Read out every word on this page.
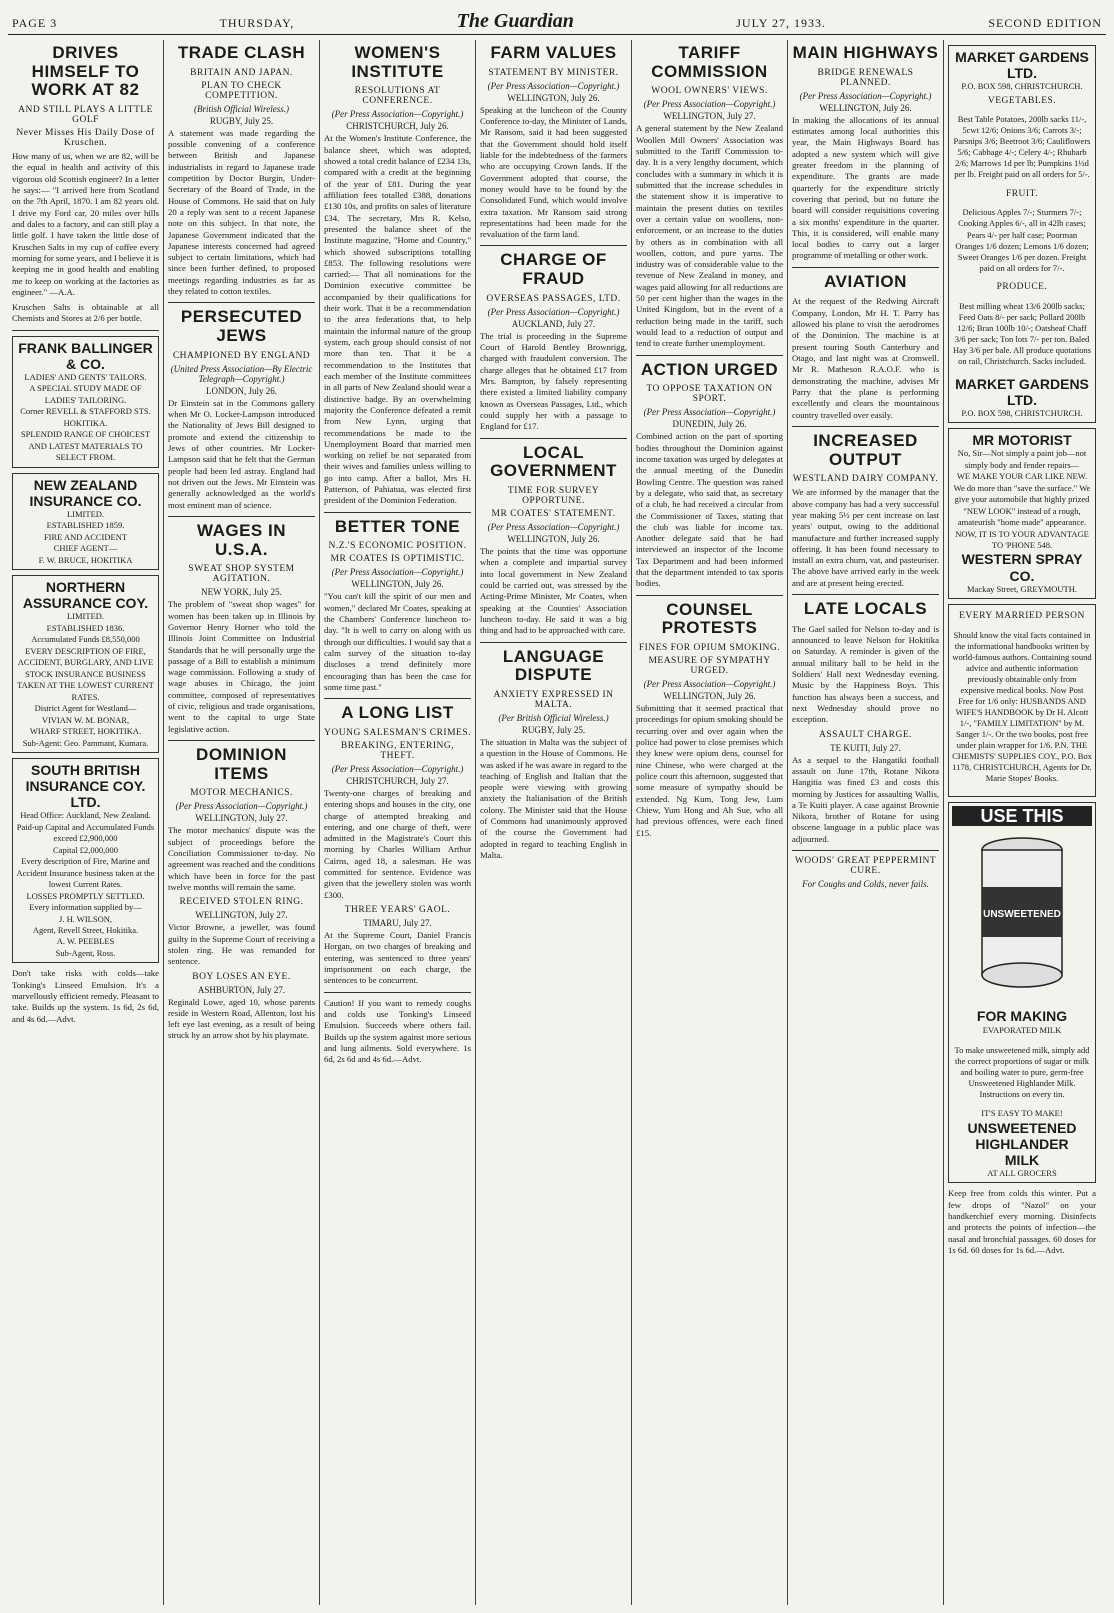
PAGE 3	THURSDAY,	The Guardian	JULY 27, 1933.	SECOND EDITION
DRIVES HIMSELF TO WORK AT 82
AND STILL PLAYS A LITTLE GOLF
Never Misses His Daily Dose of Kruschen.

How many of us, when we are 82, will be the equal in health and activity of this vigorous old Scottish engineer? In a letter he says:— "I arrived here from Scotland on the 7th April, 1870. I am 82 years old. I drive my Ford car, 20 miles over hills and dales to a factory, and can still play a little golf. I have taken the little dose of Kruschen Salts in my cup of coffee every morning for some years, and I believe it is keeping me in good health and enabling me to keep on working at the factories as engineer." —A.A.

Kruschen Salts is obtainable at all Chemists and Stores at 2/6 per bottle.

FRANK BALLINGER & CO.
LADIES' AND GENTS' TAILORS.
A SPECIAL STUDY MADE OF LADIES' TAILORING.
Corner REVELL & STAFFORD STS. HOKITIKA.
SPLENDID RANGE OF CHOICEST AND LATEST MATERIALS TO SELECT FROM.
NEW ZEALAND INSURANCE CO.
LIMITED.
ESTABLISHED 1859.
FIRE AND ACCIDENT
CHIEF AGENT—
F. W. BRUCE, HOKITIKA
NORTHERN ASSURANCE COY.
LIMITED.
ESTABLISHED 1836.
Accumulated Funds £8,550,000
EVERY DESCRIPTION OF FIRE, ACCIDENT, BURGLARY, AND LIVE STOCK INSURANCE BUSINESS TAKEN AT THE LOWEST CURRENT RATES.
District Agent for Westland—
VIVIAN W. M. BONAR,
WHARF STREET, HOKITIKA.
Sub-Agent: Geo. Pammant, Kumara.
SOUTH BRITISH INSURANCE COY. LTD.
Head Office: Auckland, New Zealand.
Paid-up Capital and Accumulated Funds exceed £2,900,000
Capital £2,000,000
Every description of Fire, Marine and Accident Insurance business taken at the lowest Current Rates.
LOSSES PROMPTLY SETTLED.
Every information supplied by—
J. H. WILSON,
Agent, Revell Street, Hokitika.
A. W. PEEBLES
Sub-Agent, Ross.

Don't take risks with colds—take Tonking's Linseed Emulsion. It's a marvellously efficient remedy. Pleasant to take. Builds up the system. 1s 6d, 2s 6d, and 4s 6d.—Advt.

TRADE CLASH
BRITAIN AND JAPAN.
PLAN TO CHECK COMPETITION.
(British Official Wireless.)
RUGBY, July 25.

A statement was made regarding the possible convening of a conference between British and Japanese industrialists in regard to Japanese trade competition by Doctor Burgin, Under-Secretary of the Board of Trade, in the House of Commons. He said that on July 20 a reply was sent to a recent Japanese note on this subject. In that note, the Japanese Government indicated that the Japanese interests concerned had agreed subject to certain limitations, which had since been further defined, to proposed meetings regarding industries as far as they related to cotton textiles.

PERSECUTED JEWS
CHAMPIONED BY ENGLAND
(United Press Association—By Electric Telegraph—Copyright.)
LONDON, July 26.

Dr Einstein sat in the Commons gallery when Mr O. Locker-Lampson introduced the Nationality of Jews Bill designed to promote and extend the citizenship to Jews of other countries. Mr Locker-Lampson said that he felt that the German people had been led astray. England had not driven out the Jews. Mr Einstein was generally acknowledged as the world's most eminent man of science.

WAGES IN U.S.A.
SWEAT SHOP SYSTEM AGITATION.
NEW YORK, July 25.

The problem of "sweat shop wages" for women has been taken up in Illinois by Governor Henry Horner who told the Illinois Joint Committee on Industrial Standards that he will personally urge the passage of a Bill to establish a minimum wage commission. Following a study of wage abuses in Chicago, the joint committee, composed of representatives of civic, religious and trade organisations, went to the capital to urge State legislative action.

DOMINION ITEMS
MOTOR MECHANICS.
(Per Press Association—Copyright.)
WELLINGTON, July 27.

The motor mechanics' dispute was the subject of proceedings before the Conciliation Commissioner to-day. No agreement was reached and the conditions which have been in force for the past twelve months will remain the same.

RECEIVED STOLEN RING.
WELLINGTON, July 27.

Victor Browne, a jeweller, was found guilty in the Supreme Court of receiving a stolen ring. He was remanded for sentence.

BOY LOSES AN EYE.
ASHBURTON, July 27.

Reginald Lowe, aged 10, whose parents reside in Western Road, Allenton, lost his left eye last evening, as a result of being struck by an arrow shot by his playmate.

WOMEN'S INSTITUTE
RESOLUTIONS AT CONFERENCE.
(Per Press Association—Copyright.)
CHRISTCHURCH, July 26.

At the Women's Institute Conference, the balance sheet, which was adopted, showed a total credit balance of £234 13s, compared with a credit at the beginning of the year of £81. During the year affiliation fees totalled £388, donations £130 10s, and profits on sales of literature £34. The secretary, Mrs R. Kelso, presented the balance sheet of the Institute magazine, "Home and Country," which showed subscriptions totalling £853. The following resolutions were carried:— That all nominations for the Dominion executive committee be accompanied by their qualifications for their work. That it be a recommendation to the area federations that, to help maintain the informal nature of the group system, each group should consist of not more than ten. That it be a recommendation to the Institutes that each member of the Institute committees in all parts of New Zealand should wear a distinctive badge. By an overwhelming majority the Conference defeated a remit from New Lynn, urging that recommendations be made to the Unemployment Board that married men working on relief be not separated from their wives and families unless willing to go into camp. After a ballot, Mrs H. Patterson, of Pahiatua, was elected first president of the Dominion Federation.

BETTER TONE
N.Z.'S ECONOMIC POSITION.
MR COATES IS OPTIMISTIC.
(Per Press Association—Copyright.)
WELLINGTON, July 26.

"You can't kill the spirit of our men and women," declared Mr Coates, speaking at the Chambers' Conference luncheon to-day. "It is well to carry on along with us through our difficulties. I would say that a calm survey of the situation to-day discloses a trend definitely more encouraging than has been the case for some time past."

A LONG LIST
YOUNG SALESMAN'S CRIMES.
BREAKING, ENTERING, THEFT.
(Per Press Association—Copyright.)
CHRISTCHURCH, July 27.

Twenty-one charges of breaking and entering shops and houses in the city, one charge of attempted breaking and entering, and one charge of theft, were admitted in the Magistrate's Court this morning by Charles William Arthur Cairns, aged 18, a salesman. He was committed for sentence. Evidence was given that the jewellery stolen was worth £300.

THREE YEARS' GAOL.
TIMARU, July 27.

At the Supreme Court, Daniel Francis Horgan, on two charges of breaking and entering, was sentenced to three years' imprisonment on each charge, the sentences to be concurrent.

Caution! If you want to remedy coughs and colds use Tonking's Linseed Emulsion. Succeeds where others fail. Builds up the system against more serious and lung ailments. Sold everywhere. 1s 6d, 2s 6d and 4s 6d.—Advt.

FARM VALUES
STATEMENT BY MINISTER.
(Per Press Association—Copyright.)
WELLINGTON, July 26.

Speaking at the luncheon of the County Conference to-day, the Minister of Lands, Mr Ransom, said it had been suggested that the Government should hold itself liable for the indebtedness of the farmers who are occupying Crown lands. If the Government adopted that course, the money would have to be found by the Consolidated Fund, which would involve extra taxation. Mr Ransom said strong representations had been made for the revaluation of the farm land.

CHARGE OF FRAUD
OVERSEAS PASSAGES, LTD.
(Per Press Association—Copyright.)
AUCKLAND, July 27.

The trial is proceeding in the Supreme Court of Harold Bentley Brownrigg, charged with fraudulent conversion. The charge alleges that he obtained £17 from Mrs. Bampton, by falsely representing there existed a limited liability company known as Overseas Passages, Ltd., which could supply her with a passage to England for £17.

LOCAL GOVERNMENT
TIME FOR SURVEY OPPORTUNE.
MR COATES' STATEMENT.
(Per Press Association—Copyright.)
WELLINGTON, July 26.

The points that the time was opportune when a complete and impartial survey into local government in New Zealand could be carried out, was stressed by the Acting-Prime Minister, Mr Coates, when speaking at the Counties' Association luncheon to-day. He said it was a big thing and had to be approached with care.

LANGUAGE DISPUTE
ANXIETY EXPRESSED IN MALTA.
(Per British Official Wireless.)
RUGBY, July 25.

The situation in Malta was the subject of a question in the House of Commons. He was asked if he was aware in regard to the teaching of English and Italian that the people were viewing with growing anxiety the Italianisation of the British colony. The Minister said that the House of Commons had unanimously approved of the course the Government had adopted in regard to teaching English in Malta.

TARIFF COMMISSION
WOOL OWNERS' VIEWS.
(Per Press Association—Copyright.)
WELLINGTON, July 27.

A general statement by the New Zealand Woollen Mill Owners' Association was submitted to the Tariff Commission to-day. It is a very lengthy document, which concludes with a summary in which it is submitted that the increase schedules in the statement show it is imperative to maintain the present duties on textiles over a certain value on woollens, non-enforcement, or an increase to the duties by others as in combination with all woollen, cotton, and pure yarns. The industry was of considerable value to the revenue of New Zealand in money, and wages paid allowing for all reductions are 50 per cent higher than the wages in the United Kingdom, but in the event of a reduction being made in the tariff, such would lead to a reduction of output and tend to create further unemployment.

ACTION URGED
TO OPPOSE TAXATION ON SPORT.
(Per Press Association—Copyright.)
DUNEDIN, July 26.

Combined action on the part of sporting bodies throughout the Dominion against income taxation was urged by delegates at the annual meeting of the Dunedin Bowling Centre. The question was raised by a delegate, who said that, as secretary of a club, he had received a circular from the Commissioner of Taxes, stating that the club was liable for income tax. Another delegate said that he had interviewed an inspector of the Income Tax Department and had been informed that the department intended to tax sports bodies.

COUNSEL PROTESTS
FINES FOR OPIUM SMOKING.
MEASURE OF SYMPATHY URGED.
(Per Press Association—Copyright.)
WELLINGTON, July 26.

Submitting that it seemed practical that proceedings for opium smoking should be recurring over and over again when the police had power to close premises which they knew were opium dens, counsel for nine Chinese, who were charged at the police court this afternoon, suggested that some measure of sympathy should be extended. Ng Kum, Tong Jew, Lum Chiew, Yum Hong and Ah Sue, who all had previous offences, were each fined £15.

MAIN HIGHWAYS
BRIDGE RENEWALS PLANNED.
(Per Press Association—Copyright.)
WELLINGTON, July 26.

In making the allocations of its annual estimates among local authorities this year, the Main Highways Board has adopted a new system which will give greater freedom in the planning of expenditure. The grants are made quarterly for the expenditure strictly covering that period, but no future the board will consider requisitions covering a six months' expenditure in the quarter. This, it is considered, will enable many local bodies to carry out a larger programme of metalling or other work.

AVIATION

At the request of the Redwing Aircraft Company, London, Mr H. T. Parry has allowed his plane to visit the aerodromes of the Dominion. The machine is at present touring South Canterbury and Otago, and last night was at Cromwell. Mr R. Matheson R.A.O.F. who is demonstrating the machine, advises Mr Parry that the plane is performing excellently and clears the mountainous country travelled over easily.

INCREASED OUTPUT
WESTLAND DAIRY COMPANY.

We are informed by the manager that the above company has had a very successful year making 5½ per cent increase on last years' output, owing to the additional manufacture and further increased supply offering. It has been found necessary to install an extra churn, vat, and pasteuriser. The above have arrived early in the week and are at present being erected.

LATE LOCALS

The Gael sailed for Nelson to-day and is announced to leave Nelson for Hokitika on Saturday. A reminder is given of the annual military ball to be held in the Soldiers' Hall next Wednesday evening. Music by the Happiness Boys. This function has always been a success, and next Wednesday should prove no exception.

ASSAULT CHARGE.
TE KUITI, July 27.

As a sequel to the Hangatiki football assault on June 17th, Rotane Nikora Hangitia was fined £3 and costs this morning by Justices for assaulting Wallis, a Te Kuiti player. A case against Brownie Nikora, brother of Rotane for using obscene language in a public place was adjourned.

WOODS' GREAT PEPPERMINT CURE.
For Coughs and Colds, never fails.
MARKET GARDENS LTD.
P.O. BOX 598, CHRISTCHURCH.
VEGETABLES.

Best Table Potatoes, 200lb sacks 11/-, 5cwt 12/6; Onions 3/6; Carrots 3/-; Parsnips 3/6; Beetroot 3/6; Cauliflowers 5/6; Cabbage 4/-; Celery 4/-; Rhubarb 2/6; Marrows 1d per lb; Pumpkins 1½d per lb. Freight paid on all orders for 5/-.

FRUIT.

Delicious Apples 7/-; Sturmers 7/-; Cooking Apples 6/-, all in 42lb cases; Pears 4/- per half case; Poorman Oranges 1/6 dozen; Lemons 1/6 dozen; Sweet Oranges 1/6 per dozen. Freight paid on all orders for 7/-.

PRODUCE.

Best milling wheat 13/6 200lb sacks; Feed Oats 8/- per sack; Pollard 200lb 12/6; Bran 100lb 10/-; Oatsheaf Chaff 3/6 per sack; Ton lots 7/- per ton. Baled Hay 3/6 per bale. All produce quotations on rail, Christchurch. Sacks included.

MARKET GARDENS LTD.
P.O. BOX 598, CHRISTCHURCH.
MR MOTORIST
No, Sir—Not simply a paint job—not simply body and fender repairs—
WE MAKE YOUR CAR LIKE NEW.
We do more than "save the surface." We give your automobile that highly prized "NEW LOOK" instead of a rough, amateurish "home made" appearance.
NOW, IT IS TO YOUR ADVANTAGE TO 'PHONE 548.
WESTERN SPRAY CO.
Mackay Street, GREYMOUTH.
EVERY MARRIED PERSON

Should know the vital facts contained in the informational handbooks written by world-famous authors. Containing sound advice and authentic information previously obtainable only from expensive medical books. Now Post Free for 1/6 only: HUSBANDS AND WIFE'S HANDBOOK by Dr H. Alcott 1/-, "FAMILY LIMITATION" by M. Sanger 1/-. Or the two books, post free under plain wrapper for 1/6. P.N. THE CHEMISTS' SUPPLIES COY., P.O. Box 1178, CHRISTCHURCH, Agents for Dr. Marie Stopes' Books.

USE THIS
UNSWEETENED
FOR MAKING
EVAPORATED MILK

To make unsweetened milk, simply add the correct proportions of sugar or milk and boiling water to pure, germ-free Unsweetened Highlander Milk. Instructions on every tin.

IT'S EASY TO MAKE!
UNSWEETENED
HIGHLANDER
MILK
AT ALL GROCERS

Keep free from colds this winter. Put a few drops of "Nazol" on your handkerchief every morning. Disinfects and protects the points of infection—the nasal and bronchial passages. 60 doses for 1s 6d. 60 doses for 1s 6d.—Advt.
